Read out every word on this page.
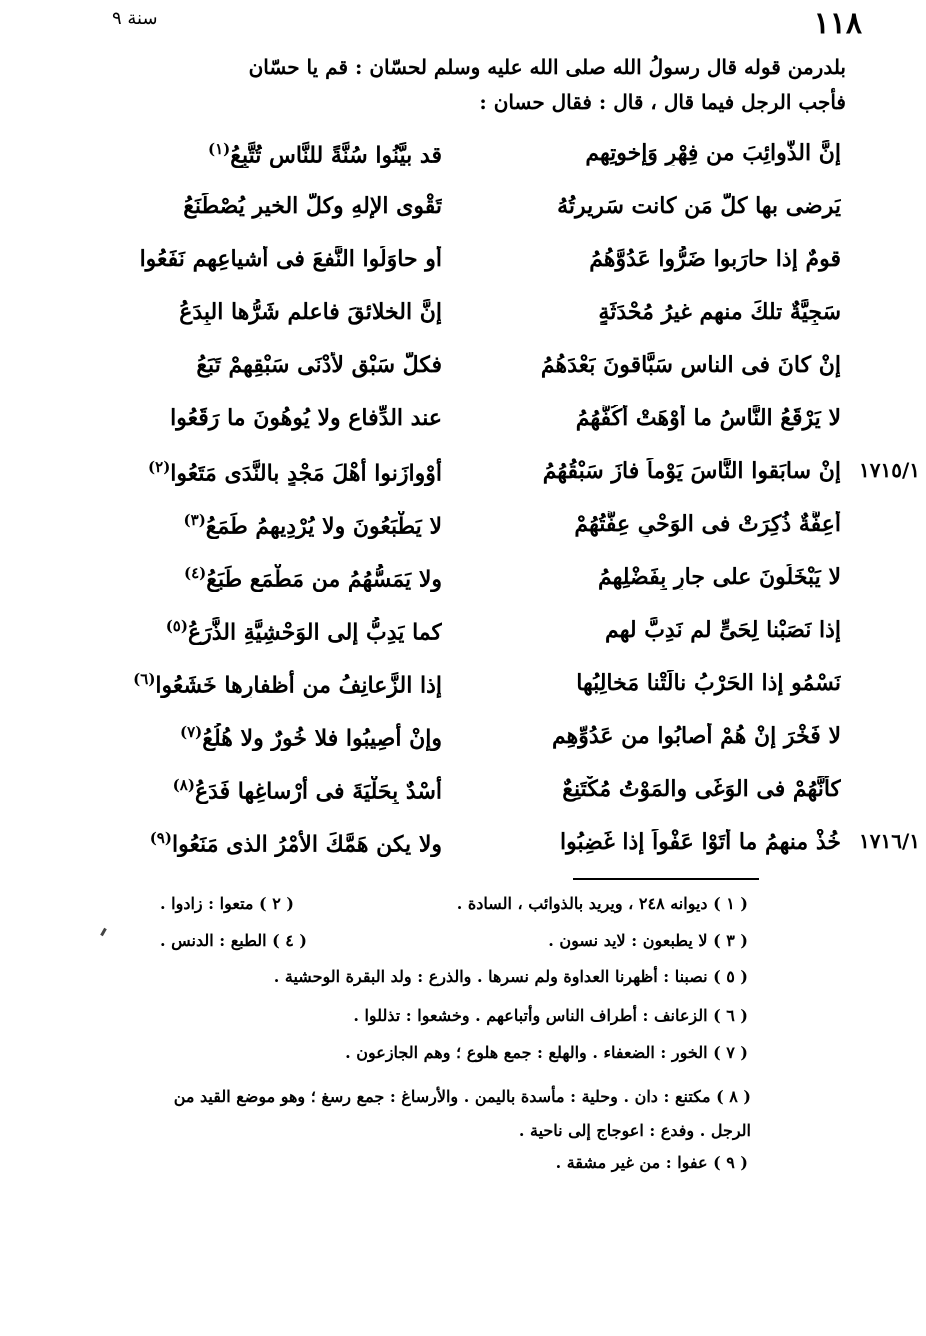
١١٨
سنة ٩

بلدرمن قوله قال رسولُ الله صلى الله عليه وسلم لحسّان : قم يا حسّان

فأجب الرجل فيما قال ، قال : فقال حسان :

إنَّ الذَّوائِبَ من فِهْرٍ وَإخوتِهِمِ
قد بيَّنُوا سُنَّةً للنَّاسِ تُتَّبِعُ$^{(١)}$
يَرضى بها كلُّ مَن كانت سَريرتُهُ
تَقْوى الإلهِ وكلُّ الخيرِ يُصْطَنَعُ
قومٌ إذا حارَبوا ضَرُّوا عَدُوَّهُمُ
أو حاوَلُوا النَّفعَ فى أشياعِهِم نَفَعُوا
سَجِيَّةٌ تلكَ منهم غيرُ مُحْدَثَةٍ
إنَّ الخلائقَ فاعلم شَرُّها البِدَعُ
إنْ كانَ فى الناسِ سَبَّاقونَ بَعْدَهُمُ
فكلُّ سَبْقٍ لأدْنَى سَبْقِهِمْ تَبَعُ
لا يَرْقَعُ النَّاسُ ما أَوْهَتْ أكُفُّهُمُ
عند الدِّفاعِ ولا يُوهُونَ ما رَقَعُوا
١٧١٥/١
إنْ سابَقوا النَّاسَ يَوْماً فازَ سَبْقُهُمُ
أوْوازَنوا أهْلَ مَجْدٍ بالنَّدَى مَتَعُوا$^{(٢)}$
أعِفَّةٌ ذُكِرَتْ فى الوَحْىِ عِفَّتُهُمْ
لا يَطْبَعُونَ ولا يُرْدِيهِمُ طَمَعُ$^{(٣)}$
لا يَبْخَلُونَ على جارٍ بِفَضْلِهِمُ
ولا يَمَسُّهُمُ من مَطْمَعٍ طَبَعُ$^{(٤)}$
إذا نَصَبْنا لِحَىٍّ لم نَدِبَّ لهم
كما يَدِبُّ إلى الوَحْشِيَّةِ الذَّرَعُ$^{(٥)}$
نَسْمُو إذا الحَرْبُ نالَتْنا مَخالِبُها
إذا الزَّعانِفُ من أظفارِها خَشَعُوا$^{(٦)}$
لا فَخْرَ إنْ هُمْ أصابُوا من عَدُوِّهِمِ
وإنْ أُصِيبُوا فلا خُورٌ ولا هُلُعُ$^{(٧)}$
كأنَّهُمْ فى الوَغَى والمَوْتُ مُكْتَنِعٌ
أُسْدٌ بِحَلْيَةَ فى أرْساغِها فَدَعُ$^{(٨)}$
١٧١٦/١
خُذْ منهمُ ما أتَوْا عَفْواً إذا غَضِبُوا
ولا يكن هَمَّكَ الأمْرُ الذى مَنَعُوا$^{(٩)}$
( ١ ) ديوانه ٢٤٨ ، ويريد بالذوائب ، السادة .
( ٢ ) متعوا : زادوا .
( ٣ ) لا يطبعون : لايد نسون .
( ٤ ) الطبع : الدنس .
( ٥ ) نصبنا : أظهرنا العداوة ولم نسرها . والذرع : ولد البقرة الوحشية .
( ٦ ) الزعانف : أطراف الناس وأتباعهم . وخشعوا : تذللوا .
( ٧ ) الخور : الضعفاء . والهلع : جمع هلوع ؛ وهم الجازعون .
( ٨ ) مكتنع : دان . وحلية : مأسدة باليمن . والأرساغ : جمع رسغ ؛ وهو موضع القيد من
الرجل . وفدع : اعوجاج إلى ناحية .
( ٩ ) عفوا : من غير مشقة .
